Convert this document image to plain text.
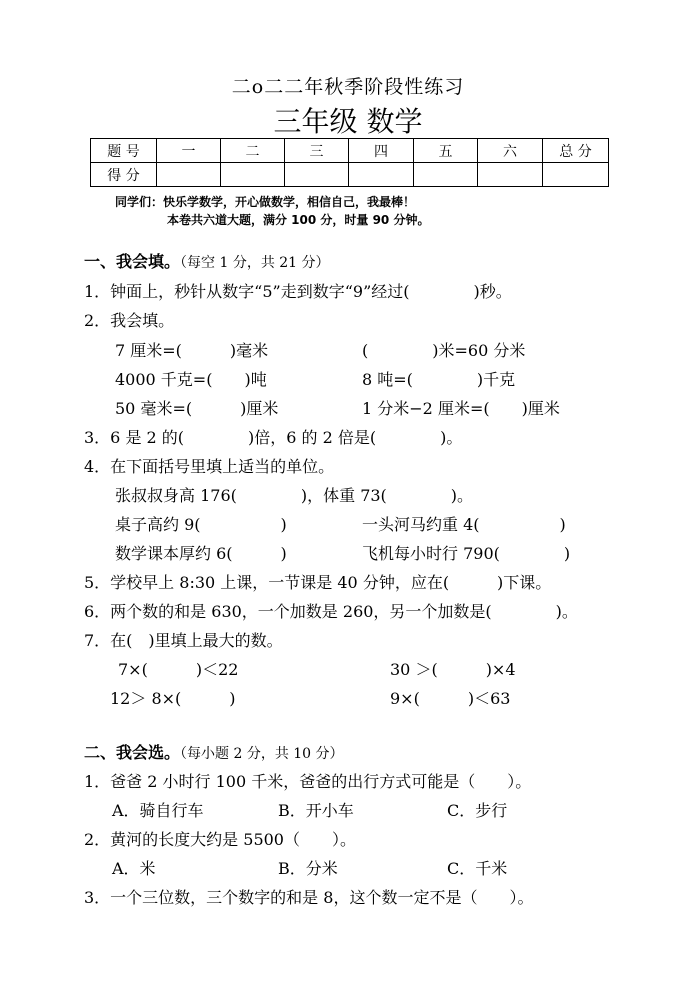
二o二二年秋季阶段性练习
三年级 数学
题 号	一	二	三	四	五	六	总 分
得 分							
同学们：快乐学数学，开心做数学，相信自己，我最棒！
本卷共六道大题，满分 100 分，时量 90 分钟。
一、我会填。（每空 1 分，共 21 分）
1．钟面上，秒针从数字“5”走到数字“9”经过(　　　　)秒。
2．我会填。
7 厘米=(　　　)毫米	(　　　　)米=60 分米
4000 千克=(　　)吨	8 吨=(　　　　)千克
50 毫米=(　　　)厘米	1 分米−2 厘米=(　　)厘米
3．6 是 2 的(　　　　)倍，6 的 2 倍是(　　　　)。
4．在下面括号里填上适当的单位。
张叔叔身高 176(　　　　)，体重 73(　　　　)。
桌子高约 9(　　　　　)	一头河马约重 4(　　　　　)
数学课本厚约 6(　　　)	飞机每小时行 790(　　　　)
5．学校早上 8:30 上课，一节课是 40 分钟，应在(　　　)下课。
6．两个数的和是 630，一个加数是 260，另一个加数是(　　　　)。
7．在(　)里填上最大的数。
7×(　　　)＜22	30 ＞(　　　)×4
12＞ 8×(　　　)	9×(　　　)＜63
二、我会选。（每小题 2 分，共 10 分）
1．爸爸 2 小时行 100 千米，爸爸的出行方式可能是（　　）。
A．骑自行车	B．开小车	C．步行
2．黄河的长度大约是 5500（　　）。
A．米	B．分米	C．千米
3．一个三位数，三个数字的和是 8，这个数一定不是（　　）。
